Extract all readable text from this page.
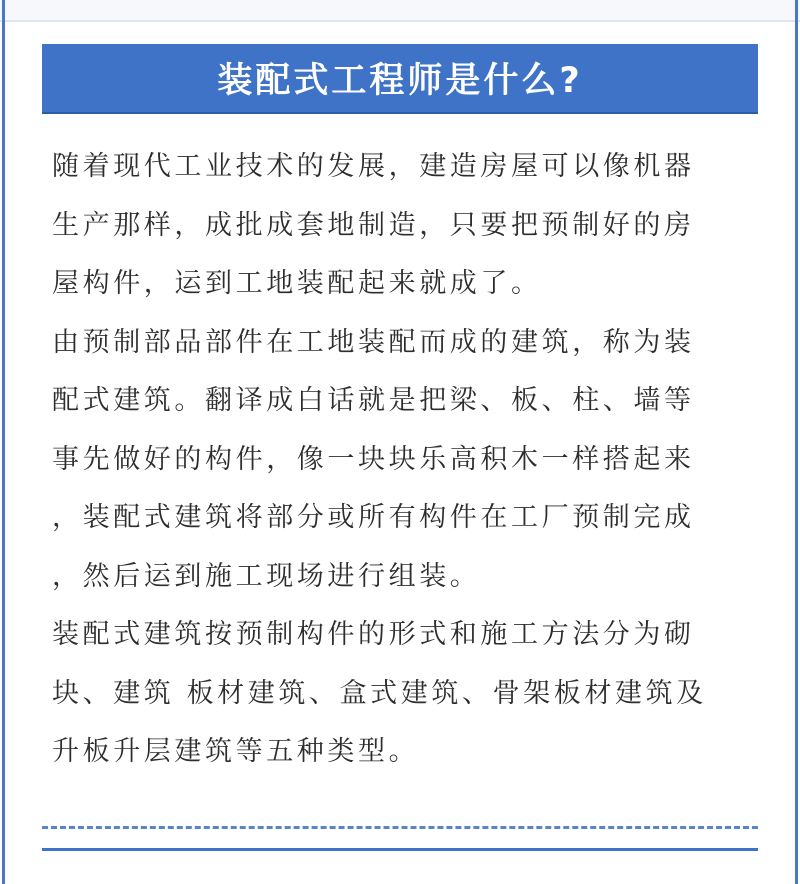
装配式工程师是什么?

随着现代工业技术的发展，建造房屋可以像机器
生产那样，成批成套地制造，只要把预制好的房
屋构件，运到工地装配起来就成了。

由预制部品部件在工地装配而成的建筑，称为装
配式建筑。翻译成白话就是把梁、板、柱、墙等
事先做好的构件，像一块块乐高积木一样搭起来
，装配式建筑将部分或所有构件在工厂预制完成
，然后运到施工现场进行组装。

装配式建筑按预制构件的形式和施工方法分为砌
块、建筑 板材建筑、盒式建筑、骨架板材建筑及
升板升层建筑等五种类型。
